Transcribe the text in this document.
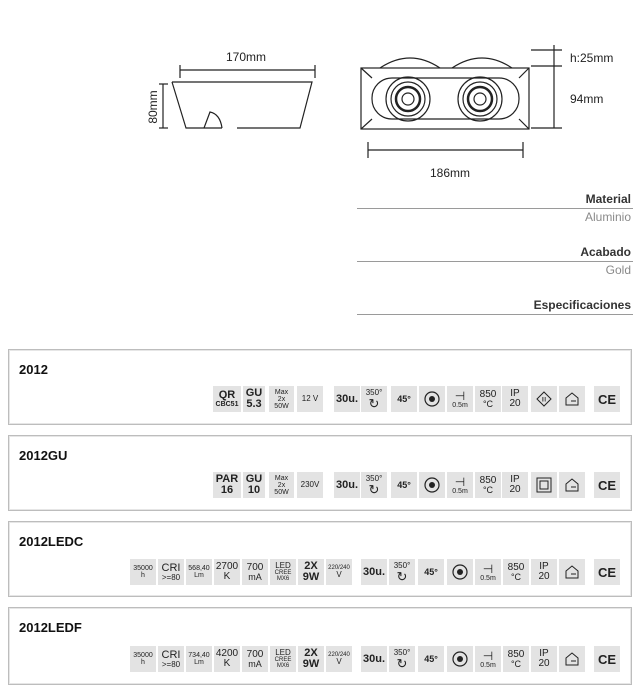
170mm
80mm
h:25mm
94mm
186mm
Material
Aluminio
Acabado
Gold
Especificaciones
2012
QR
CBC51
GU
5.3
Max
2x
50W
12 V 30u.
350°
↻ 45°	⊣
0.5m
850
°C
IP
20	III	CE
2012GU
PAR
16
GU
10
Max
2x
50W
230V 30u.
350°
↻ 45°	⊣
0.5m
850
°C
IP
20	CE
2012LEDC
35000
h
CRI
>=80
568,40
Lm
2700
K
700
mA
LED
CREE
MX6
2X
9W
220/240
V 30u.
350°
↻ 45°	⊣
0.5m
850
°C
IP
20	CE
2012LEDF
35000
h
CRI
>=80
734,40
Lm
4200
K
700
mA
LED
CREE
MX6
2X
9W
220/240
V 30u.
350°
↻ 45°	⊣
0.5m
850
°C
IP
20	CE
